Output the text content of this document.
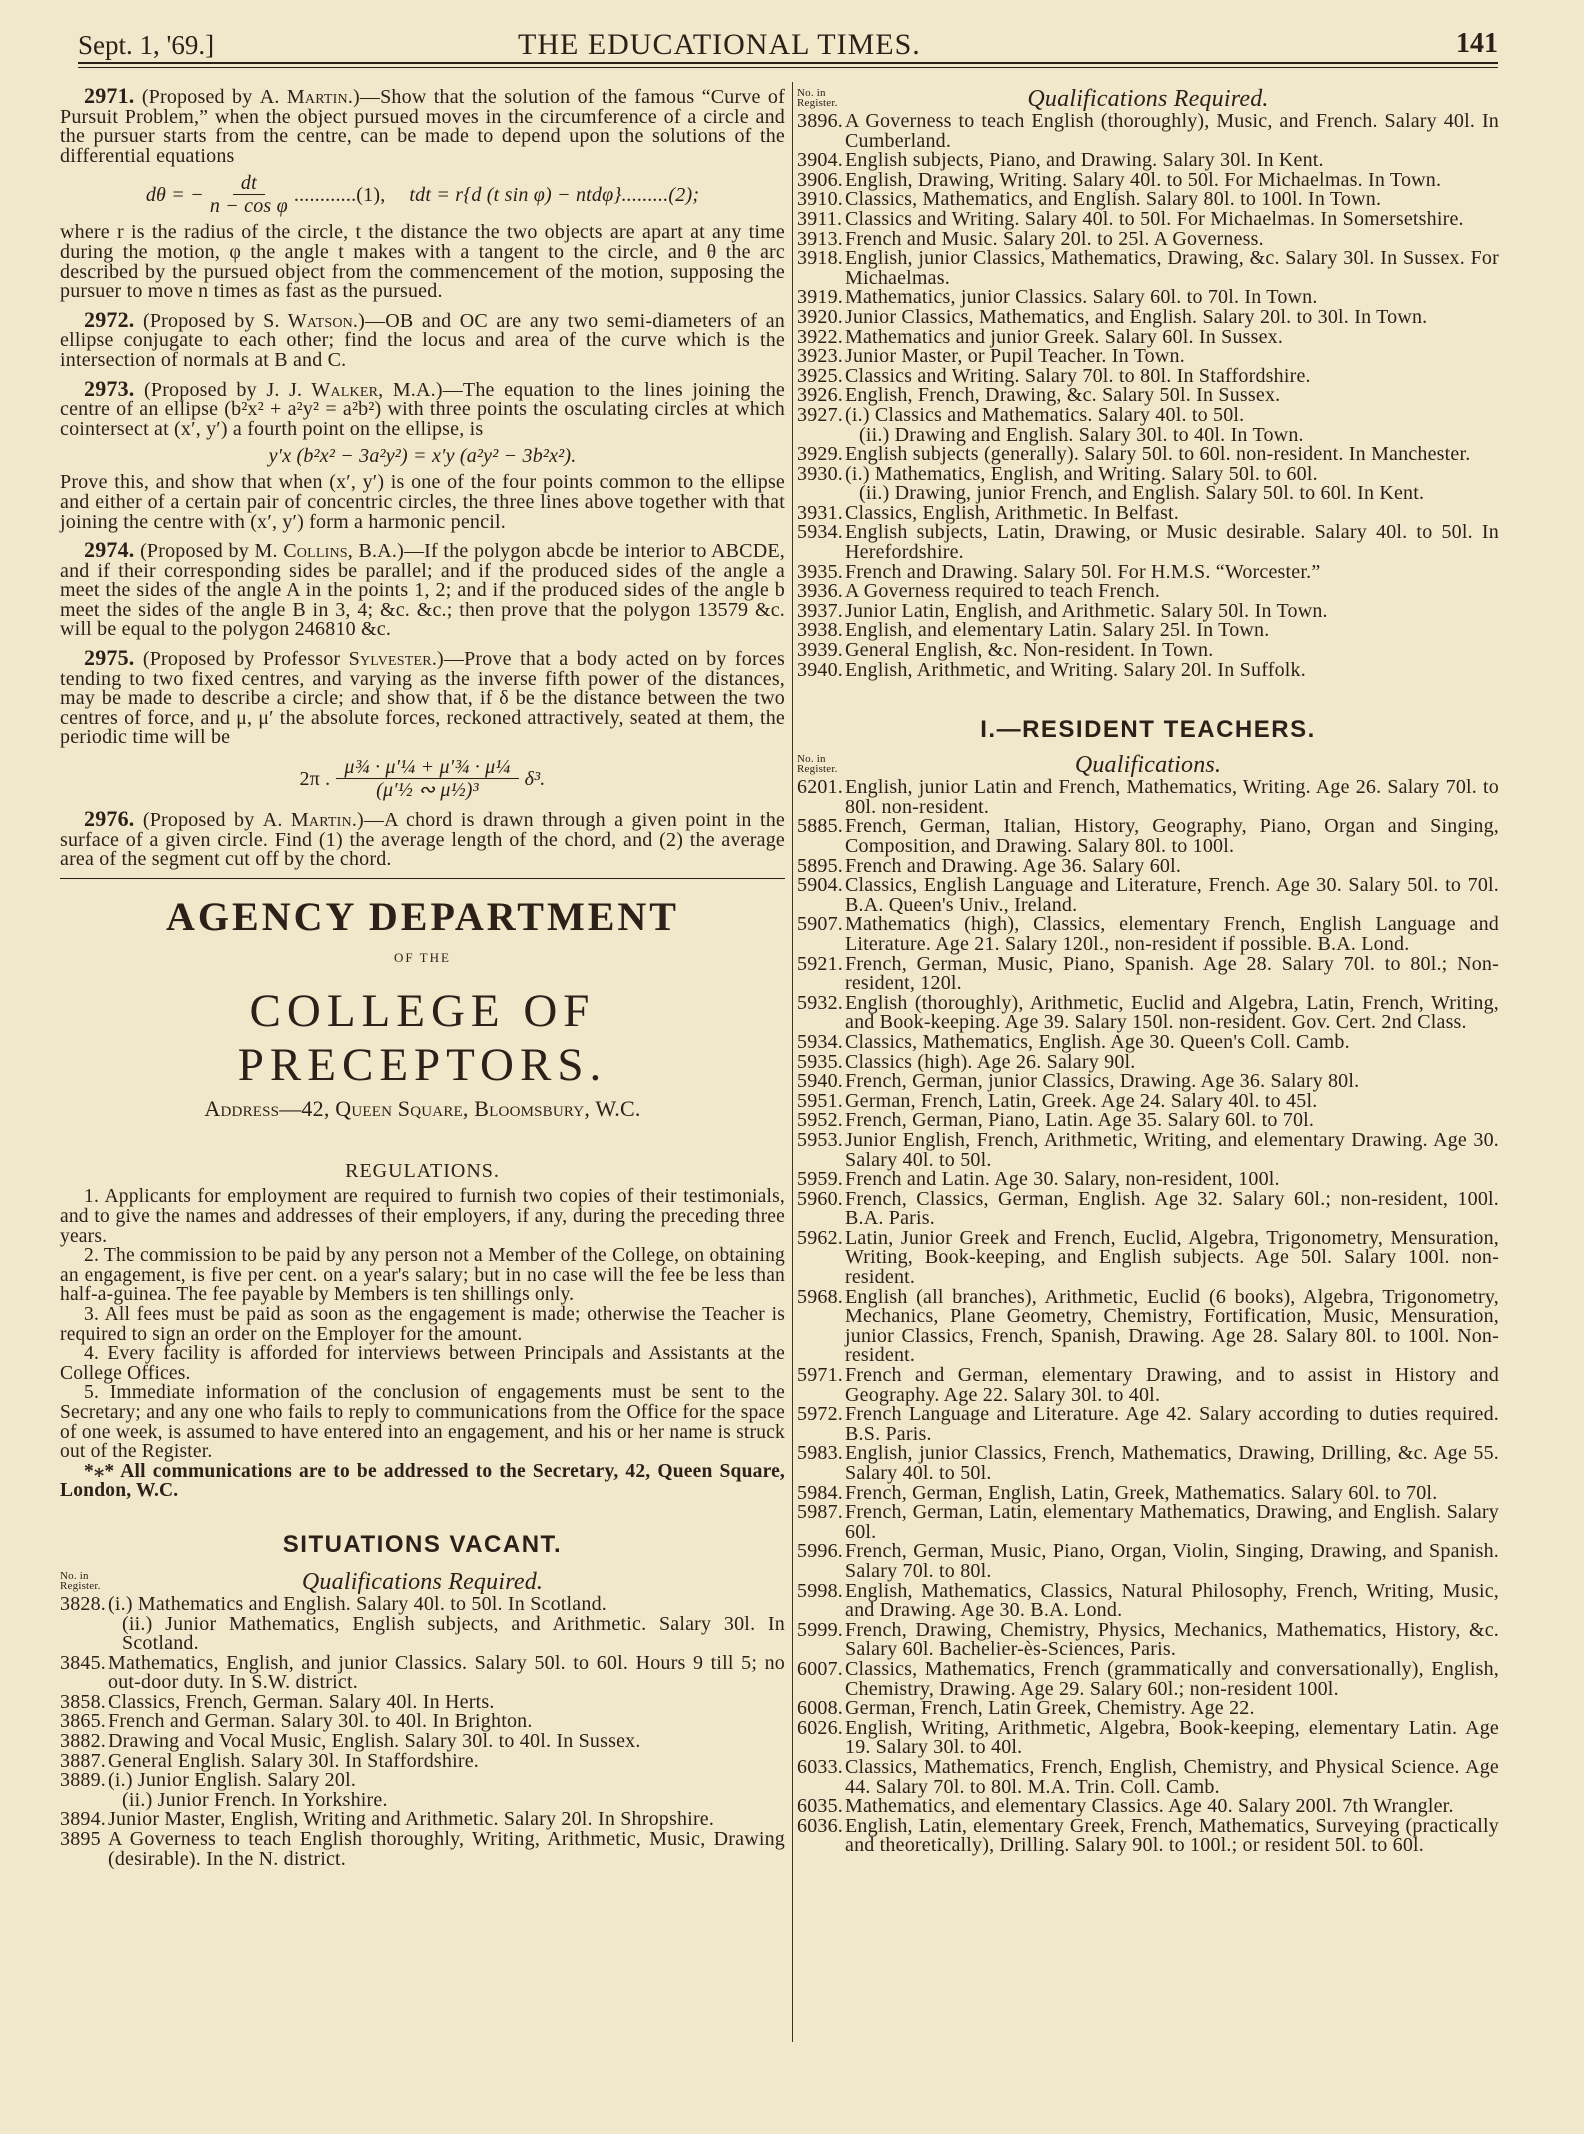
Sept. 1, '69.]	THE EDUCATIONAL TIMES.	141

2971. (Proposed by A. Martin.)—Show that the solution of the famous “Curve of Pursuit Problem,” when the object pursued moves in the circumference of a circle and the pursuer starts from the centre, can be made to depend upon the solutions of the differential equations

dθ = − $\frac{dt}{\text{n − cos φ}} ............(1)$, tdt = r{d (t sin φ) − ntdφ}.........(2);

where r is the radius of the circle, t the distance the two objects are apart at any time during the motion, φ the angle t makes with a tangent to the circle, and θ the arc described by the pursued object from the commencement of the motion, supposing the pursuer to move n times as fast as the pursued.

2972. (Proposed by S. Watson.)—OB and OC are any two semi-diameters of an ellipse conjugate to each other; find the locus and area of the curve which is the intersection of normals at B and C.

2973. (Proposed by J. J. Walker, M.A.)—The equation to the lines joining the centre of an ellipse (b²x² + a²y² = a²b²) with three points the osculating circles at which cointersect at (x′, y′) a fourth point on the ellipse, is

y′x (b²x² − 3a²y²) = x′y (a²y² − 3b²x²).

Prove this, and show that when (x′, y′) is one of the four points common to the ellipse and either of a certain pair of concentric circles, the three lines above together with that joining the centre with (x′, y′) form a harmonic pencil.

2974. (Proposed by M. Collins, B.A.)—If the polygon abcde be interior to ABCDE, and if their corresponding sides be parallel; and if the produced sides of the angle a meet the sides of the angle A in the points 1, 2; and if the produced sides of the angle b meet the sides of the angle B in 3, 4; &c. &c.; then prove that the polygon 13579 &c. will be equal to the polygon 246810 &c.

2975. (Proposed by Professor Sylvester.)—Prove that a body acted on by forces tending to two fixed centres, and varying as the inverse fifth power of the distances, may be made to describe a circle; and show that, if δ be the distance between the two centres of force, and μ, μ′ the absolute forces, reckoned attractively, seated at them, the periodic time will be

2π . $\frac{\text{μ¾ · μ′¼ + μ′¾ · μ¼}}{\text{(μ′½ ∾ μ½)³}} \delta^3$.

2976. (Proposed by A. Martin.)—A chord is drawn through a given point in the surface of a given circle. Find (1) the average length of the chord, and (2) the average area of the segment cut off by the chord.

AGENCY DEPARTMENT
OF THE
COLLEGE OF PRECEPTORS.
Address—42, Queen Square, Bloomsbury, W.C.
REGULATIONS.

1. Applicants for employment are required to furnish two copies of their testimonials, and to give the names and addresses of their employers, if any, during the preceding three years.

2. The commission to be paid by any person not a Member of the College, on obtaining an engagement, is five per cent. on a year's salary; but in no case will the fee be less than half-a-guinea. The fee payable by Members is ten shillings only.

3. All fees must be paid as soon as the engagement is made; otherwise the Teacher is required to sign an order on the Employer for the amount.

4. Every facility is afforded for interviews between Principals and Assistants at the College Offices.

5. Immediate information of the conclusion of engagements must be sent to the Secretary; and any one who fails to reply to communications from the Office for the space of one week, is assumed to have entered into an engagement, and his or her name is struck out of the Register.

*⁎* All communications are to be addressed to the Secretary, 42, Queen Square, London, W.C.

SITUATIONS VACANT.
No. in Register.	Qualifications Required.
3828. (i.) Mathematics and English. Salary 40l. to 50l. In Scotland.
(ii.) Junior Mathematics, English subjects, and Arithmetic. Salary 30l. In Scotland.
3845. Mathematics, English, and junior Classics. Salary 50l. to 60l. Hours 9 till 5; no out-door duty. In S.W. district.
3858. Classics, French, German. Salary 40l. In Herts.
3865. French and German. Salary 30l. to 40l. In Brighton.
3882. Drawing and Vocal Music, English. Salary 30l. to 40l. In Sussex.
3887. General English. Salary 30l. In Staffordshire.
3889. (i.) Junior English. Salary 20l.
(ii.) Junior French. In Yorkshire.
3894. Junior Master, English, Writing and Arithmetic. Salary 20l. In Shropshire.
3895 A Governess to teach English thoroughly, Writing, Arithmetic, Music, Drawing (desirable). In the N. district.
No. in Register.	Qualifications Required.
3896. A Governess to teach English (thoroughly), Music, and French. Salary 40l. In Cumberland.
3904. English subjects, Piano, and Drawing. Salary 30l. In Kent.
3906. English, Drawing, Writing. Salary 40l. to 50l. For Michaelmas. In Town.
3910. Classics, Mathematics, and English. Salary 80l. to 100l. In Town.
3911. Classics and Writing. Salary 40l. to 50l. For Michaelmas. In Somersetshire.
3913. French and Music. Salary 20l. to 25l. A Governess.
3918. English, junior Classics, Mathematics, Drawing, &c. Salary 30l. In Sussex. For Michaelmas.
3919. Mathematics, junior Classics. Salary 60l. to 70l. In Town.
3920. Junior Classics, Mathematics, and English. Salary 20l. to 30l. In Town.
3922. Mathematics and junior Greek. Salary 60l. In Sussex.
3923. Junior Master, or Pupil Teacher. In Town.
3925. Classics and Writing. Salary 70l. to 80l. In Staffordshire.
3926. English, French, Drawing, &c. Salary 50l. In Sussex.
3927. (i.) Classics and Mathematics. Salary 40l. to 50l.
(ii.) Drawing and English. Salary 30l. to 40l. In Town.
3929. English subjects (generally). Salary 50l. to 60l. non-resident. In Manchester.
3930. (i.) Mathematics, English, and Writing. Salary 50l. to 60l.
(ii.) Drawing, junior French, and English. Salary 50l. to 60l. In Kent.
3931. Classics, English, Arithmetic. In Belfast.
5934. English subjects, Latin, Drawing, or Music desirable. Salary 40l. to 50l. In Herefordshire.
3935. French and Drawing. Salary 50l. For H.M.S. “Worcester.”
3936. A Governess required to teach French.
3937. Junior Latin, English, and Arithmetic. Salary 50l. In Town.
3938. English, and elementary Latin. Salary 25l. In Town.
3939. General English, &c. Non-resident. In Town.
3940. English, Arithmetic, and Writing. Salary 20l. In Suffolk.
I.—RESIDENT TEACHERS.
No. in Register.	Qualifications.
6201. English, junior Latin and French, Mathematics, Writing. Age 26. Salary 70l. to 80l. non-resident.
5885. French, German, Italian, History, Geography, Piano, Organ and Singing, Composition, and Drawing. Salary 80l. to 100l.
5895. French and Drawing. Age 36. Salary 60l.
5904. Classics, English Language and Literature, French. Age 30. Salary 50l. to 70l. B.A. Queen's Univ., Ireland.
5907. Mathematics (high), Classics, elementary French, English Language and Literature. Age 21. Salary 120l., non-resident if possible. B.A. Lond.
5921. French, German, Music, Piano, Spanish. Age 28. Salary 70l. to 80l.; Non-resident, 120l.
5932. English (thoroughly), Arithmetic, Euclid and Algebra, Latin, French, Writing, and Book-keeping. Age 39. Salary 150l. non-resident. Gov. Cert. 2nd Class.
5934. Classics, Mathematics, English. Age 30. Queen's Coll. Camb.
5935. Classics (high). Age 26. Salary 90l.
5940. French, German, junior Classics, Drawing. Age 36. Salary 80l.
5951. German, French, Latin, Greek. Age 24. Salary 40l. to 45l.
5952. French, German, Piano, Latin. Age 35. Salary 60l. to 70l.
5953. Junior English, French, Arithmetic, Writing, and elementary Drawing. Age 30. Salary 40l. to 50l.
5959. French and Latin. Age 30. Salary, non-resident, 100l.
5960. French, Classics, German, English. Age 32. Salary 60l.; non-resident, 100l. B.A. Paris.
5962. Latin, Junior Greek and French, Euclid, Algebra, Trigonometry, Mensuration, Writing, Book-keeping, and English subjects. Age 50l. Salary 100l. non-resident.
5968. English (all branches), Arithmetic, Euclid (6 books), Algebra, Trigonometry, Mechanics, Plane Geometry, Chemistry, Fortification, Music, Mensuration, junior Classics, French, Spanish, Drawing. Age 28. Salary 80l. to 100l. Non-resident.
5971. French and German, elementary Drawing, and to assist in History and Geography. Age 22. Salary 30l. to 40l.
5972. French Language and Literature. Age 42. Salary according to duties required. B.S. Paris.
5983. English, junior Classics, French, Mathematics, Drawing, Drilling, &c. Age 55. Salary 40l. to 50l.
5984. French, German, English, Latin, Greek, Mathematics. Salary 60l. to 70l.
5987. French, German, Latin, elementary Mathematics, Drawing, and English. Salary 60l.
5996. French, German, Music, Piano, Organ, Violin, Singing, Drawing, and Spanish. Salary 70l. to 80l.
5998. English, Mathematics, Classics, Natural Philosophy, French, Writing, Music, and Drawing. Age 30. B.A. Lond.
5999. French, Drawing, Chemistry, Physics, Mechanics, Mathematics, History, &c. Salary 60l. Bachelier-ès-Sciences, Paris.
6007. Classics, Mathematics, French (grammatically and conversationally), English, Chemistry, Drawing. Age 29. Salary 60l.; non-resident 100l.
6008. German, French, Latin Greek, Chemistry. Age 22.
6026. English, Writing, Arithmetic, Algebra, Book-keeping, elementary Latin. Age 19. Salary 30l. to 40l.
6033. Classics, Mathematics, French, English, Chemistry, and Physical Science. Age 44. Salary 70l. to 80l. M.A. Trin. Coll. Camb.
6035. Mathematics, and elementary Classics. Age 40. Salary 200l. 7th Wrangler.
6036. English, Latin, elementary Greek, French, Mathematics, Surveying (practically and theoretically), Drilling. Salary 90l. to 100l.; or resident 50l. to 60l.
